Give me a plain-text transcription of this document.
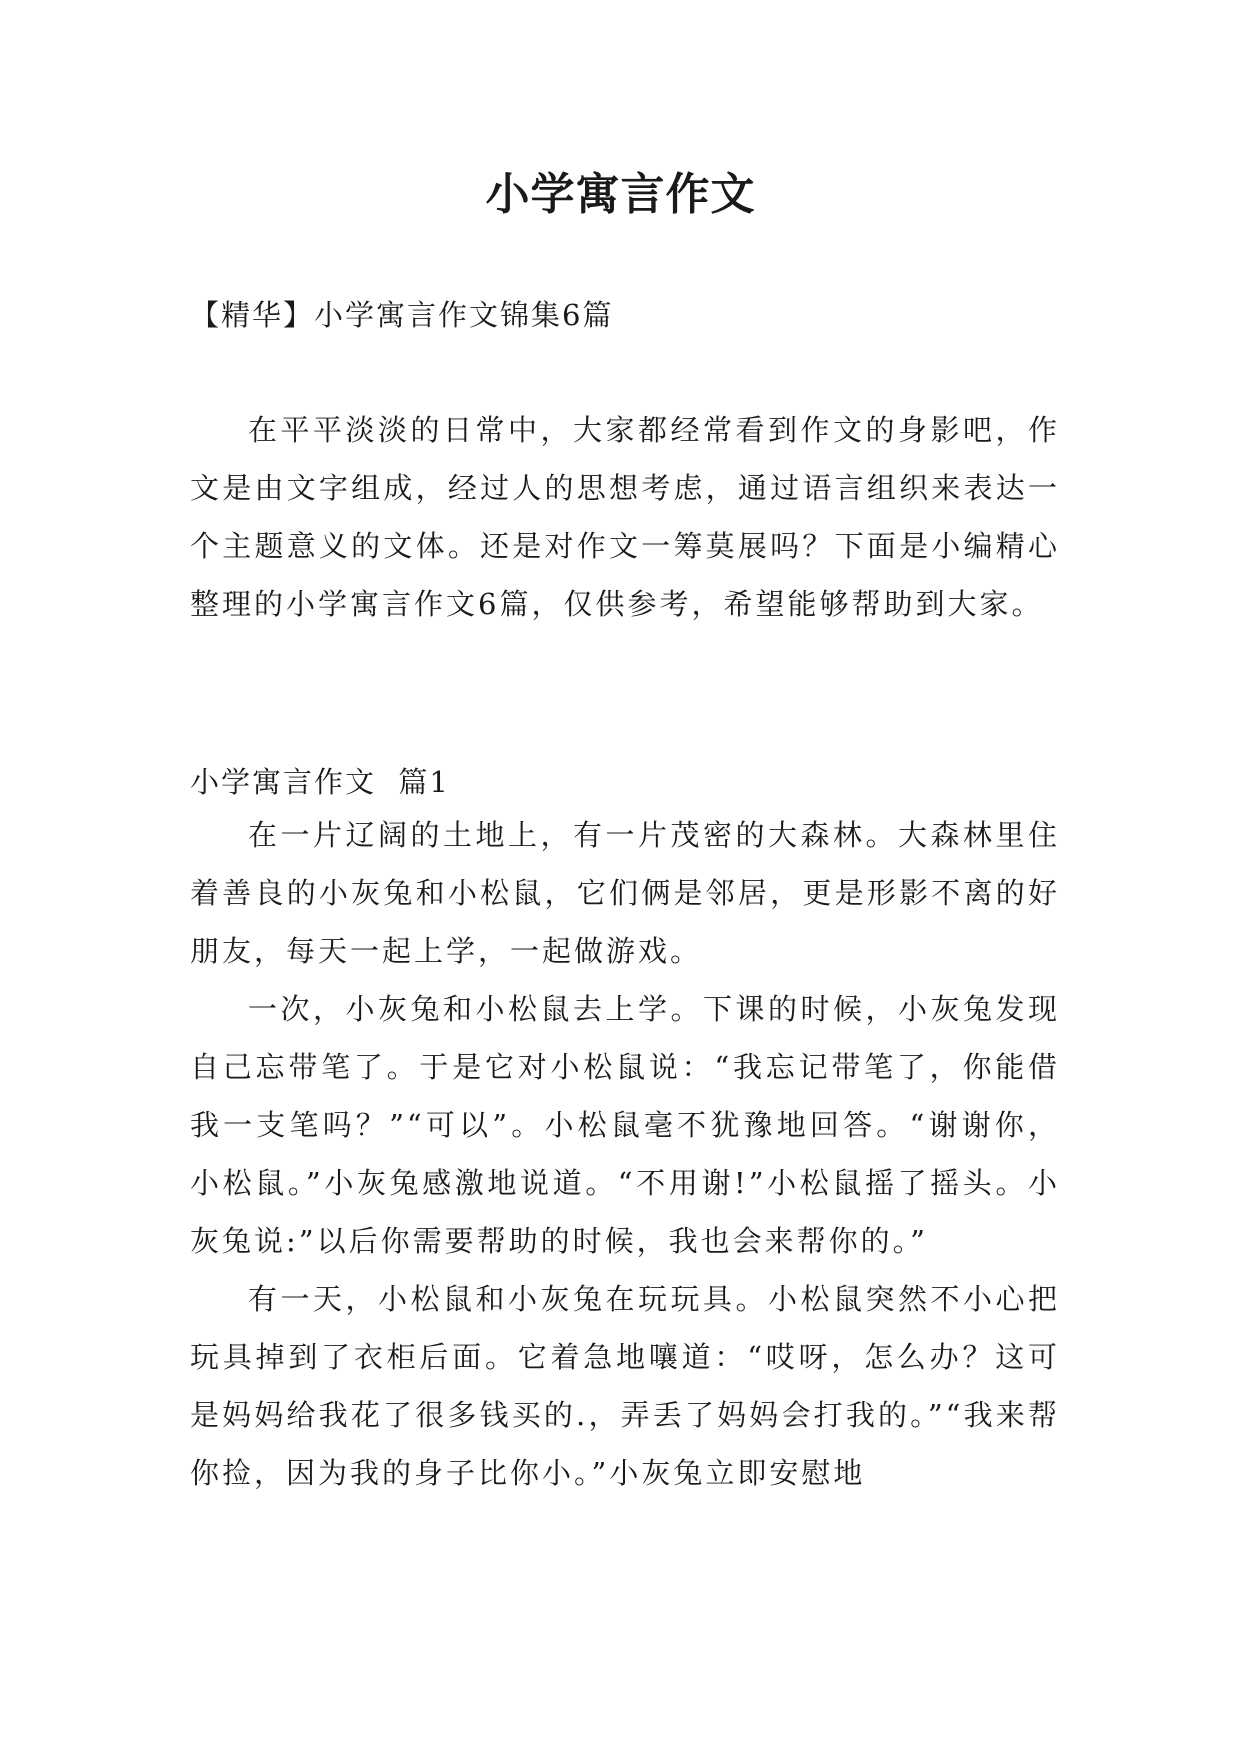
小学寓言作文
【精华】小学寓言作文锦集6篇

在平平淡淡的日常中，大家都经常看到作文的身影吧，作文是由文字组成，经过人的思想考虑，通过语言组织来表达一个主题意义的文体。还是对作文一筹莫展吗？下面是小编精心整理的小学寓言作文6篇，仅供参考，希望能够帮助到大家。

小学寓言作文  篇1

在一片辽阔的土地上，有一片茂密的大森林。大森林里住着善良的小灰兔和小松鼠，它们俩是邻居，更是形影不离的好朋友，每天一起上学，一起做游戏。

一次，小灰兔和小松鼠去上学。下课的时候，小灰兔发现自己忘带笔了。于是它对小松鼠说：“我忘记带笔了，你能借我一支笔吗？”“可以”。小松鼠毫不犹豫地回答。“谢谢你，小松鼠。”小灰兔感激地说道。“不用谢!”小松鼠摇了摇头。小灰兔说:”以后你需要帮助的时候，我也会来帮你的。”

有一天，小松鼠和小灰兔在玩玩具。小松鼠突然不小心把玩具掉到了衣柜后面。它着急地嚷道：“哎呀，怎么办？这可是妈妈给我花了很多钱买的.，弄丢了妈妈会打我的。”“我来帮你捡，因为我的身子比你小。”小灰兔立即安慰地
